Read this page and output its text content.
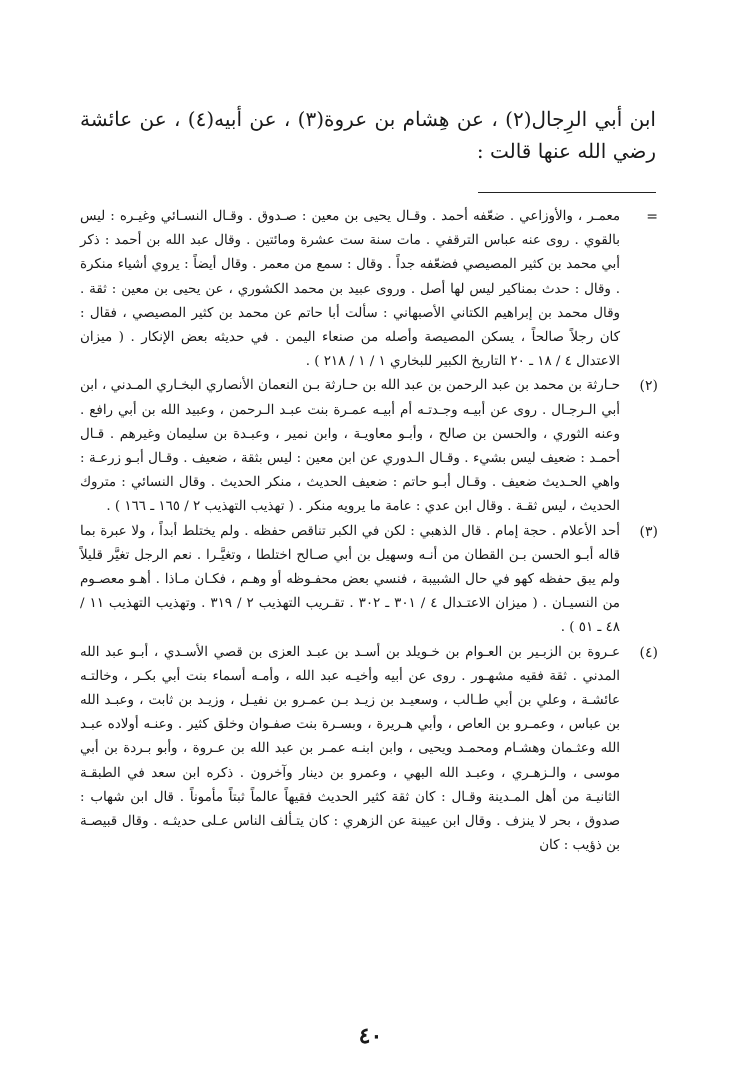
ابن أبي الرِجال(٢) ، عن هِشام بن عروة(٣) ، عن أبيه(٤) ، عن عائشة رضي الله عنها قالت :

=
معمـر ، والأوزاعي . ضعّفه أحمد . وقـال يحيى بن معين : صـدوق . وقـال النسـائي وغيـره : ليس بالقوي . روى عنه عباس الترقفي . مات سنة ست عشرة ومائتين . وقال عبد الله بن أحمد : ذكر أبي محمد بن كثير المصيصي فضعّفه جداً . وقال : سمع من معمر . وقال أيضاً : يروي أشياء منكرة . وقال : حدث بمناكير ليس لها أصل . وروى عبيد بن محمد الكشوري ، عن يحيى بن معين : ثقة . وقال محمد بن إبراهيم الكتاني الأصبهاني : سألت أبا حاتم عن محمد بن كثير المصيصي ، فقال : كان رجلاً صالحاً ، يسكن المصيصة وأصله من صنعاء اليمن . في حديثه بعض الإنكار . ( ميزان الاعتدال ٤ / ١٨ ـ ٢٠ التاريخ الكبير للبخاري ١ / ١ / ٢١٨ ) .

(٢)
حـارثة بن محمد بن عبد الرحمن بن عبد الله بن حـارثة بـن النعمان الأنصاري البخـاري المـدني ، ابن أبي الـرجـال . روى عن أبيـه وجـدتـه أم أبيـه عمـرة بنت عبـد الـرحمن ، وعبيد الله بن أبي رافع . وعنه الثوري ، والحسن بن صالح ، وأبـو معاويـة ، وابن نمير ، وعبـدة بن سليمان وغيرهم . قـال أحمـد : ضعيف ليس بشيء . وقـال الـدوري عن ابن معين : ليس بثقة ، ضعيف . وقـال أبـو زرعـة : واهي الحـديث ضعيف . وقـال أبـو حاتم : ضعيف الحديث ، منكر الحديث . وقال النسائي : متروك الحديث ، ليس ثقـة . وقال ابن عدي : عامة ما يرويه منكر . ( تهذيب التهذيب ٢ / ١٦٥ ـ ١٦٦ ) .

(٣)
أحد الأعلام . حجة إمام . قال الذهبي : لكن في الكبر تناقص حفظه . ولم يختلط أبداً ، ولا عبرة بما قاله أبـو الحسن بـن القطان من أنـه وسهيل بن أبي صـالح اختلطا ، وتغيَّـرا . نعم الرجل تغيَّر قليلاً ولم يبق حفظه كهو في حال الشبيبة ، فنسي بعض محفـوظه أو وهـم ، فكـان مـاذا . أهـو معصـوم من النسيـان . ( ميزان الاعتـدال ٤ / ٣٠١ ـ ٣٠٢ . تقـريب التهذيب ٢ / ٣١٩ . وتهذيب التهذيب ١١ / ٤٨ ـ ٥١ ) .

(٤)
عـروة بن الزبـير بن العـوام بن خـويلد بن أسـد بن عبـد العزى بن قصي الأسـدي ، أبـو عبد الله المدني . ثقة فقيه مشهـور . روى عن أبيه وأخيـه عبد الله ، وأمـه أسماء بنت أبي بكـر ، وخالتـه عائشـة ، وعلي بن أبي طـالب ، وسعيـد بن زيـد بـن عمـرو بن نفيـل ، وزيـد بن ثابت ، وعبـد الله بن عباس ، وعمـرو بن العاص ، وأبي هـريرة ، وبسـرة بنت صفـوان وخلق كثير . وعنـه أولاده عبـد الله وعثـمان وهشـام ومحمـد ويحيى ، وابن ابنـه عمـر بن عبد الله بن عـروة ، وأبو بـردة بن أبي موسى ، والـزهـري ، وعبـد الله البهي ، وعمرو بن دينار وآخرون . ذكره ابن سعد في الطبقـة الثانيـة من أهل المـدينة وقـال : كان ثقة كثير الحديث فقيهاً عالماً ثبتاً مأموناً . قال ابن شهاب : صدوق ، بحر لا ينزف . وقال ابن عيينة عن الزهري : كان يتـألف الناس عـلى حديثـه . وقال قبيصـة بن ذؤيب : كان

٤٠
